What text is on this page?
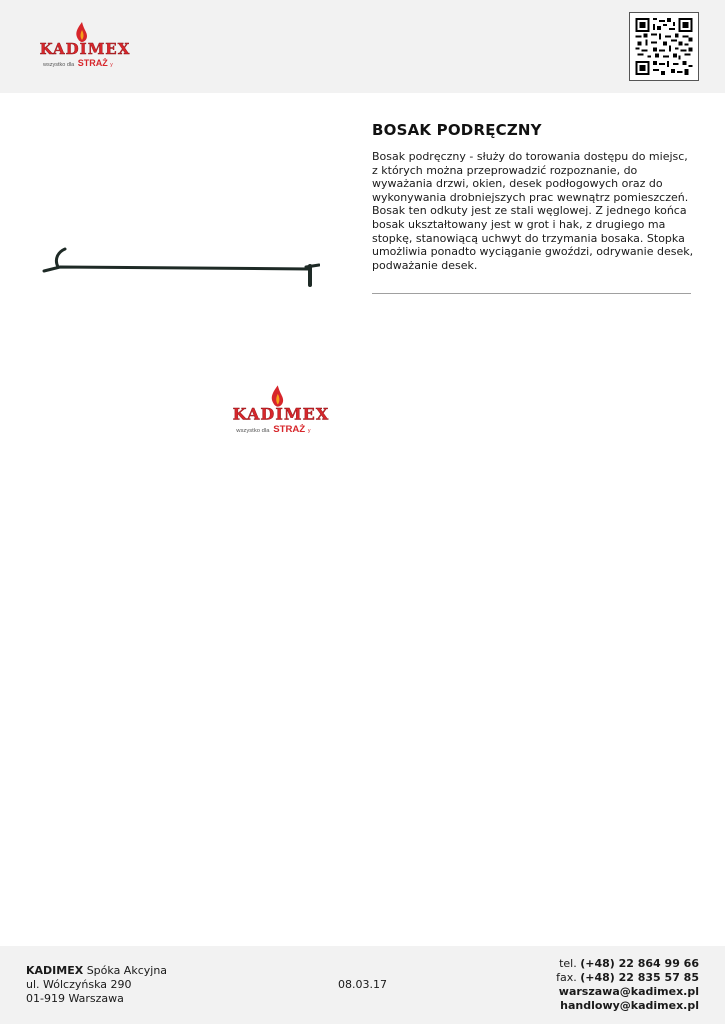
KADIMEX
wszystko dla STRAŻ y
BOSAK PODRĘCZNY

Bosak podręczny - służy do torowania dostępu do miejsc, z których można przeprowadzić rozpoznanie, do wyważania drzwi, okien, desek podłogowych oraz do wykonywania drobniejszych prac wewnątrz pomieszczeń. Bosak ten odkuty jest ze stali węglowej. Z jednego końca bosak ukształtowany jest w grot i hak, z drugiego ma stopkę, stanowiącą uchwyt do trzymania bosaka. Stopka umożliwia ponadto wyciąganie gwoździ, odrywanie desek, podważanie desek.

KADIMEX
wszystko dla STRAŻ y
KADIMEX Spóka Akcyjna
ul. Wólczyńska 290
01-919 Warszawa
08.03.17
tel. (+48) 22 864 99 66
fax. (+48) 22 835 57 85
warszawa@kadimex.pl
handlowy@kadimex.pl
